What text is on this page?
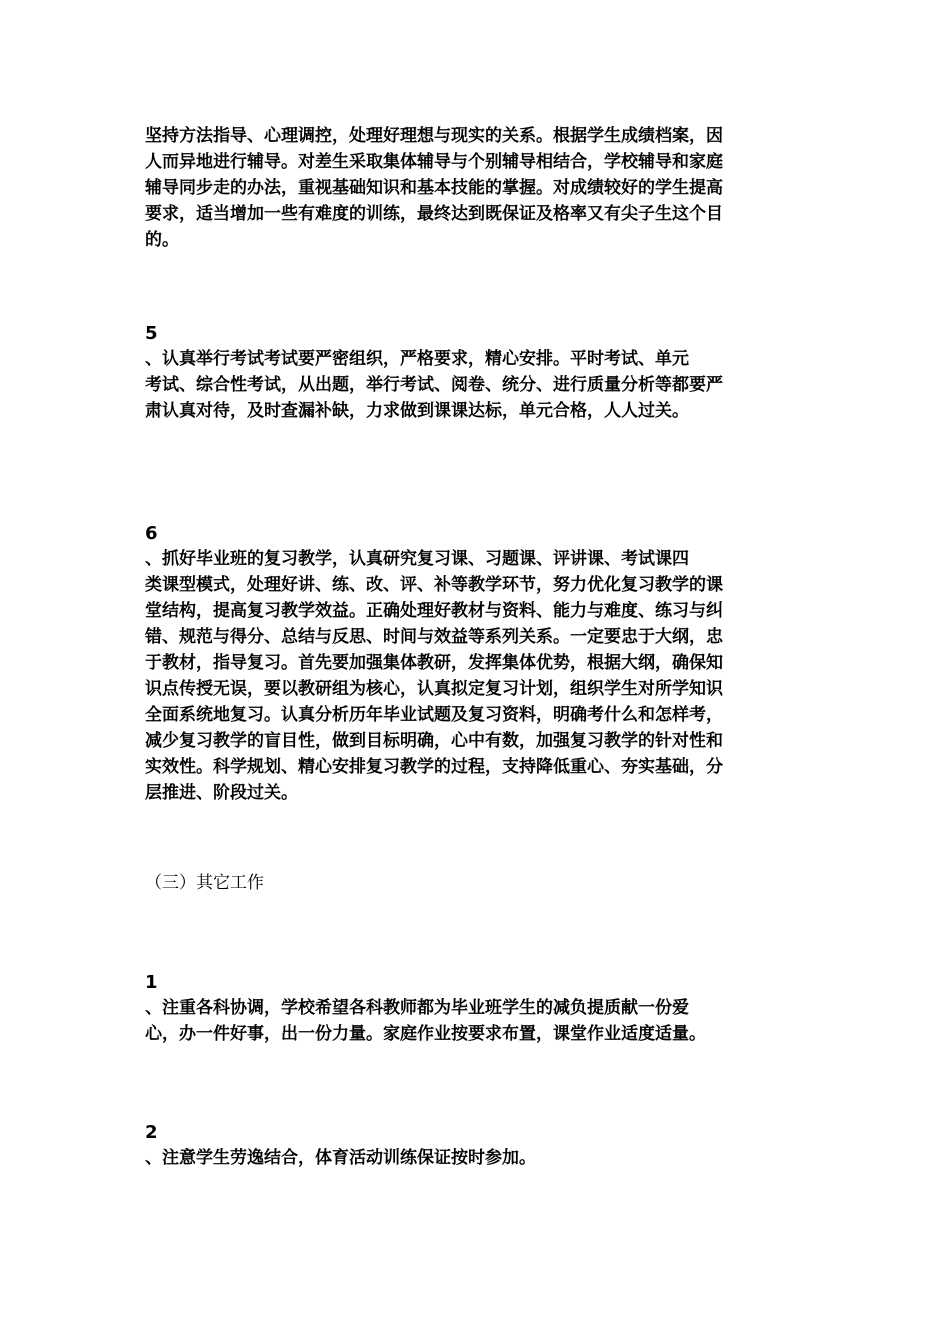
坚持方法指导、心理调控，处理好理想与现实的关系。根据学生成绩档案，因
人而异地进行辅导。对差生采取集体辅导与个别辅导相结合，学校辅导和家庭
辅导同步走的办法，重视基础知识和基本技能的掌握。对成绩较好的学生提高
要求，适当增加一些有难度的训练，最终达到既保证及格率又有尖子生这个目
的。
5
、认真举行考试考试要严密组织，严格要求，精心安排。平时考试、单元
考试、综合性考试，从出题，举行考试、阅卷、统分、进行质量分析等都要严
肃认真对待，及时查漏补缺，力求做到课课达标，单元合格，人人过关。
6
、抓好毕业班的复习教学，认真研究复习课、习题课、评讲课、考试课四
类课型模式，处理好讲、练、改、评、补等教学环节，努力优化复习教学的课
堂结构，提高复习教学效益。正确处理好教材与资料、能力与难度、练习与纠
错、规范与得分、总结与反思、时间与效益等系列关系。一定要忠于大纲，忠
于教材，指导复习。首先要加强集体教研，发挥集体优势，根据大纲，确保知
识点传授无误，要以教研组为核心，认真拟定复习计划，组织学生对所学知识
全面系统地复习。认真分析历年毕业试题及复习资料，明确考什么和怎样考，
减少复习教学的盲目性，做到目标明确，心中有数，加强复习教学的针对性和
实效性。科学规划、精心安排复习教学的过程，支持降低重心、夯实基础，分
层推进、阶段过关。
（三）其它工作
1
、注重各科协调，学校希望各科教师都为毕业班学生的减负提质献一份爱
心，办一件好事，出一份力量。家庭作业按要求布置，课堂作业适度适量。
2
、注意学生劳逸结合，体育活动训练保证按时参加。
